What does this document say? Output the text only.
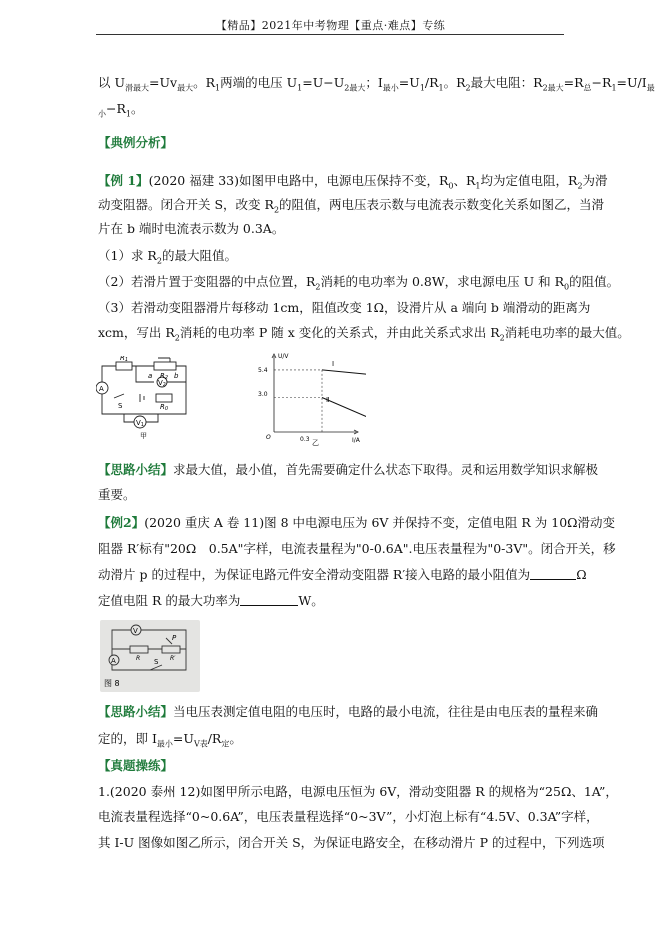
【精品】2021年中考物理【重点·难点】专练
以 $U_{滑最大}=Uv_{最大}$。$R_1$两端的电压 $U_1=U-U_{2最大}$；$I_{最小}=U_1/R_1$。$R_2$最大电阻：$R_{2最大}=R_总-R_1=U/I_最$
$_小-R_1$。
【典例分析】
【例 1】(2020 福建 33)如图甲电路中，电源电压保持不变，$R_0$、$R_1$均为定值电阻，$R_2$为滑
动变阻器。闭合开关 S，改变 $R_2$的阻值，两电压表示数与电流表示数变化关系如图乙，当滑
片在 b 端时电流表示数为 0.3A。
（1）求 $R_2$的最大阻值。
（2）若滑片置于变阻器的中点位置，$R_2$消耗的电功率为 0.8W，求电源电压 U 和 $R_0$的阻值。
（3）若滑动变阻器滑片每移动 1cm，阻值改变 1Ω，设滑片从 a 端向 b 端滑动的距离为
xcm，写出 $R_2$消耗的电功率 P 随 x 变化的关系式，并由此关系式求出 $R_2$消耗电功率的最大值。
R1
a R2 b
V2
A
S	R0
V1
甲
U/V
I/A
O
5.4
3.0
0.3
Ⅰ
Ⅱ
乙
【思路小结】求最大值，最小值，首先需要确定什么状态下取得。灵和运用数学知识求解极
重要。
【例2】(2020 重庆 A 卷 11)图 8 中电源电压为 6V 并保持不变，定值电阻 R 为 10Ω滑动变
阻器 R′标有"20Ω　0.5A"字样，电流表量程为"0-0.6A".电压表量程为"0-3V"。闭合开关，移
动滑片 p 的过程中，为保证电路元件安全滑动变阻器 R′接入电路的最小阻值为	Ω
定值电阻 R 的最大功率为	W。
V
P
R′
R
A	S
图 8
【思路小结】当电压表测定值电阻的电压时，电路的最小电流，往往是由电压表的量程来确
定的，即 $I_{最小}=U_{V表}/R_定$。
【真题操练】
1.(2020 泰州 12)如图甲所示电路，电源电压恒为 6V，滑动变阻器 R 的规格为“25Ω、1A”，
电流表量程选择“0~0.6A”，电压表量程选择“0~3V”，小灯泡上标有“4.5V、0.3A”字样，
其 I-U 图像如图乙所示，闭合开关 S，为保证电路安全，在移动滑片 P 的过程中，下列选项
